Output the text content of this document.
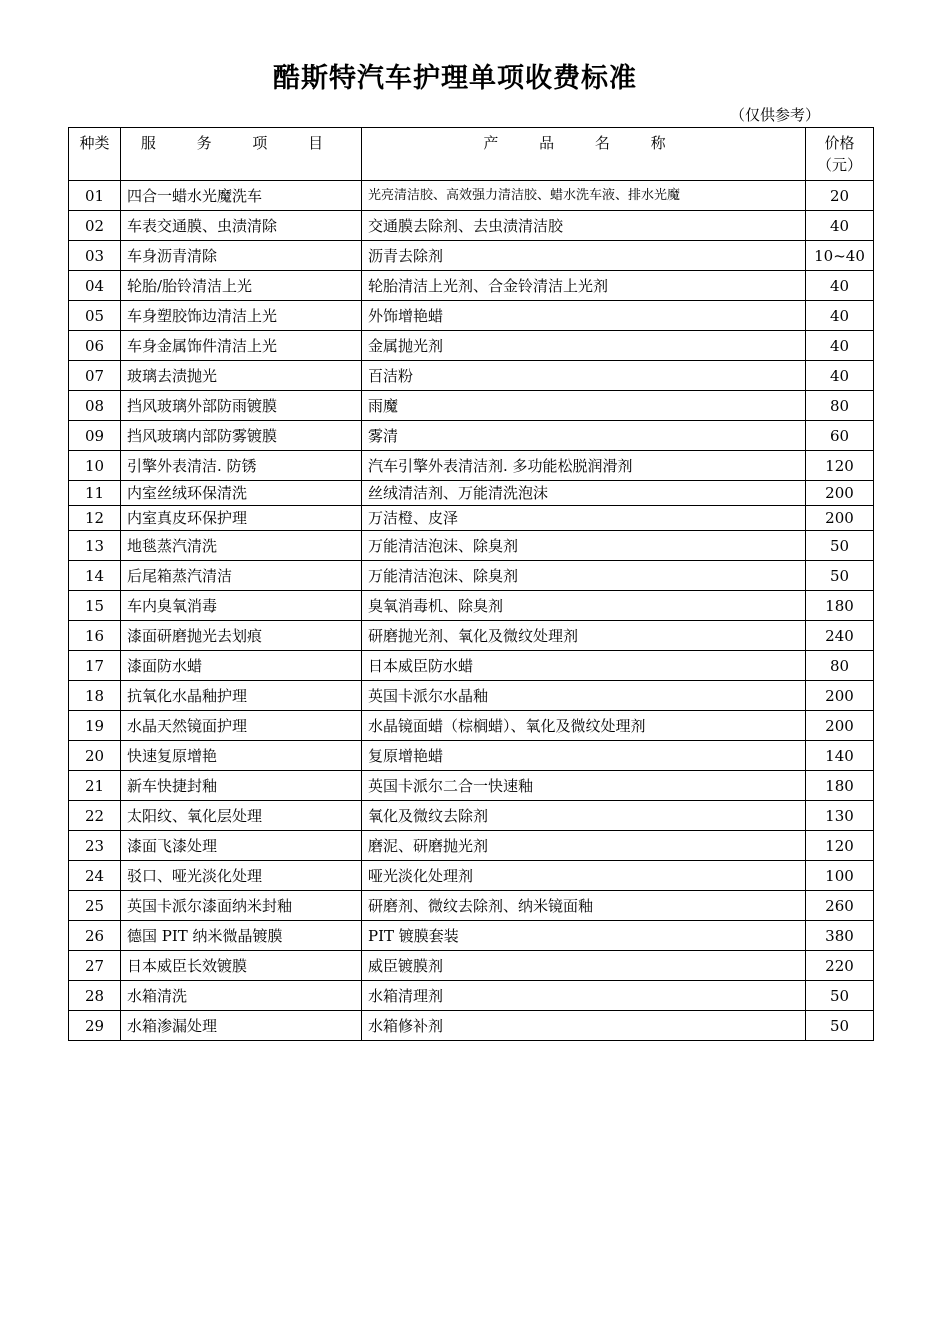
酷斯特汽车护理单项收费标准
（仅供参考）
种类	服 务 项 目	产 品 名 称	价格
（元）

01	四合一蜡水光魔洗车	光亮清洁胶、高效强力清洁胶、蜡水洗车液、排水光魔	20
02	车表交通膜、虫渍清除	交通膜去除剂、去虫渍清洁胶	40
03	车身沥青清除	沥青去除剂	10~40
04	轮胎/胎铃清洁上光	轮胎清洁上光剂、合金铃清洁上光剂	40
05	车身塑胶饰边清洁上光	外饰增艳蜡	40
06	车身金属饰件清洁上光	金属抛光剂	40
07	玻璃去渍抛光	百洁粉	40
08	挡风玻璃外部防雨镀膜	雨魔	80
09	挡风玻璃内部防雾镀膜	雾清	60
10	引擎外表清洁. 防锈	汽车引擎外表清洁剂. 多功能松脱润滑剂	120
11	内室丝绒环保清洗	丝绒清洁剂、万能清洗泡沫	200
12	内室真皮环保护理	万洁橙、皮泽	200
13	地毯蒸汽清洗	万能清洁泡沫、除臭剂	50
14	后尾箱蒸汽清洁	万能清洁泡沫、除臭剂	50
15	车内臭氧消毒	臭氧消毒机、除臭剂	180
16	漆面研磨抛光去划痕	研磨抛光剂、氧化及微纹处理剂	240
17	漆面防水蜡	日本威臣防水蜡	80
18	抗氧化水晶釉护理	英国卡派尔水晶釉	200
19	水晶天然镜面护理	水晶镜面蜡（棕榈蜡）、氧化及微纹处理剂	200
20	快速复原增艳	复原增艳蜡	140
21	新车快捷封釉	英国卡派尔二合一快速釉	180
22	太阳纹、氧化层处理	氧化及微纹去除剂	130
23	漆面飞漆处理	磨泥、研磨抛光剂	120
24	驳口、哑光淡化处理	哑光淡化处理剂	100
25	英国卡派尔漆面纳米封釉	研磨剂、微纹去除剂、纳米镜面釉	260
26	德国 PIT 纳米微晶镀膜	PIT 镀膜套装	380
27	日本威臣长效镀膜	威臣镀膜剂	220
28	水箱清洗	水箱清理剂	50
29	水箱渗漏处理	水箱修补剂	50
